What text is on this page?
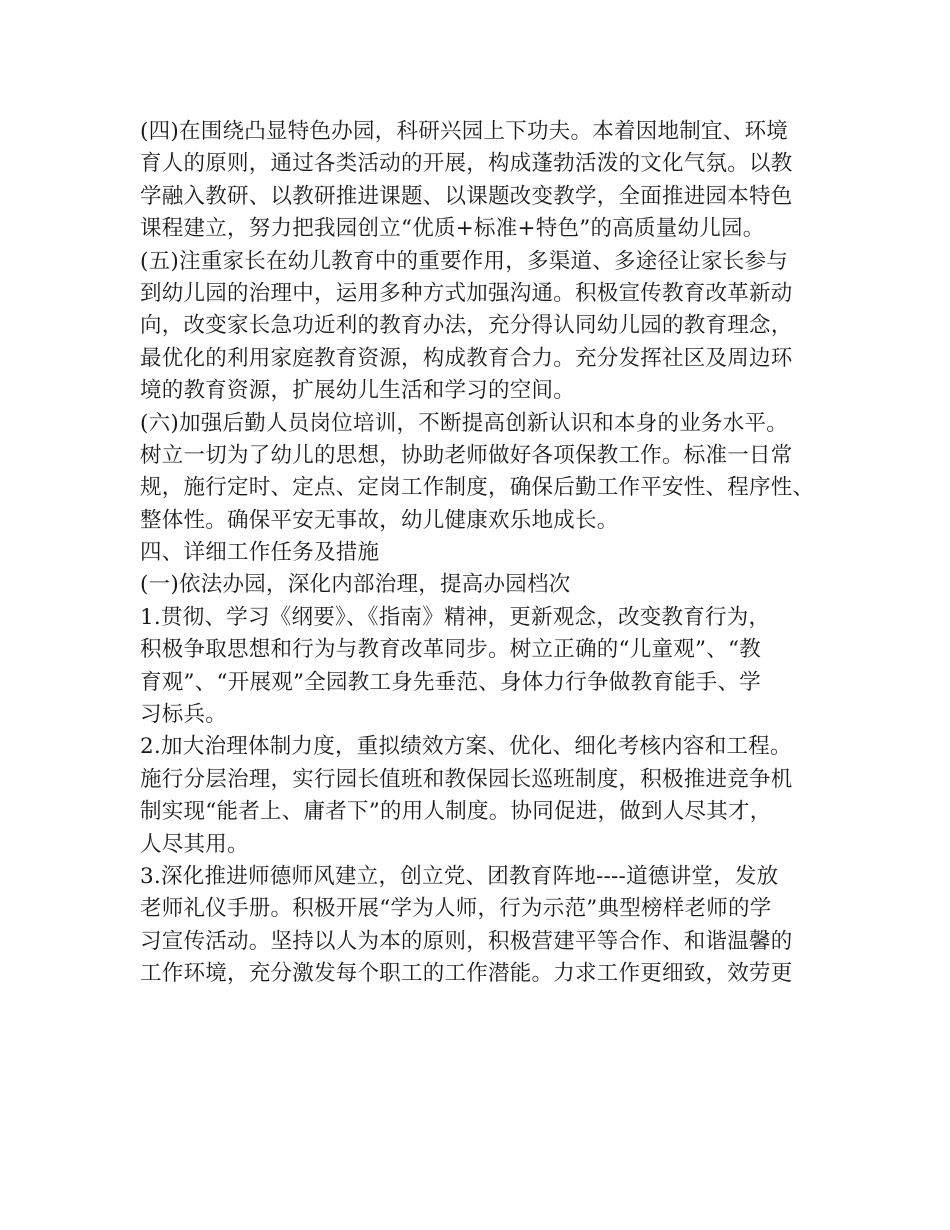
(四)在围绕凸显特色办园，科研兴园上下功夫。本着因地制宜、环境
育人的原则，通过各类活动的开展，构成蓬勃活泼的文化气氛。以教
学融入教研、以教研推进课题、以课题改变教学，全面推进园本特色
课程建立，努力把我园创立“优质+标准+特色”的高质量幼儿园。
(五)注重家长在幼儿教育中的重要作用，多渠道、多途径让家长参与
到幼儿园的治理中，运用多种方式加强沟通。积极宣传教育改革新动
向，改变家长急功近利的教育办法，充分得认同幼儿园的教育理念，
最优化的利用家庭教育资源，构成教育合力。充分发挥社区及周边环
境的教育资源，扩展幼儿生活和学习的空间。
(六)加强后勤人员岗位培训，不断提高创新认识和本身的业务水平。
树立一切为了幼儿的思想，协助老师做好各项保教工作。标准一日常
规，施行定时、定点、定岗工作制度，确保后勤工作平安性、程序性、
整体性。确保平安无事故，幼儿健康欢乐地成长。
四、详细工作任务及措施
(一)依法办园，深化内部治理，提高办园档次
1.贯彻、学习《纲要》、《指南》精神，更新观念，改变教育行为，
积极争取思想和行为与教育改革同步。树立正确的“儿童观”、“教
育观”、“开展观”全园教工身先垂范、身体力行争做教育能手、学
习标兵。
2.加大治理体制力度，重拟绩效方案、优化、细化考核内容和工程。
施行分层治理，实行园长值班和教保园长巡班制度，积极推进竞争机
制实现“能者上、庸者下”的用人制度。协同促进，做到人尽其才，
人尽其用。
3.深化推进师德师风建立，创立党、团教育阵地----道德讲堂，发放
老师礼仪手册。积极开展“学为人师，行为示范”典型榜样老师的学
习宣传活动。坚持以人为本的原则，积极营建平等合作、和谐温馨的
工作环境，充分激发每个职工的工作潜能。力求工作更细致，效劳更
